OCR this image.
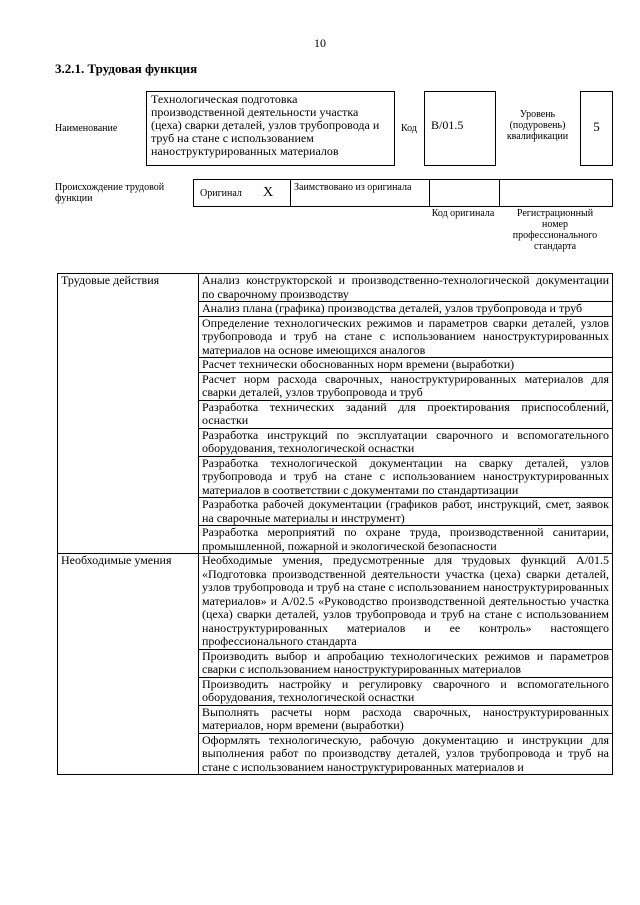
10
3.2.1. Трудовая функция
Наименование
Технологическая подготовка производственной деятельности участка (цеха) сварки деталей, узлов трубопровода и труб на стане с использованием наноструктурированных материалов
Код	B/01.5
Уровень (подуровень) квалификации
5
Происхождение трудовой функции	Оригинал X Заимствовано из оригинала
Код оригинала	Регистрационный номер профессионального стандарта
Трудовые действия	Анализ конструкторской и производственно-технологической документации по сварочному производству
	Анализ плана (графика) производства деталей, узлов трубопровода и труб
	Определение технологических режимов и параметров сварки деталей, узлов трубопровода и труб на стане с использованием наноструктурированных материалов на основе имеющихся аналогов
	Расчет технически обоснованных норм времени (выработки)
	Расчет норм расхода сварочных, наноструктурированных материалов для сварки деталей, узлов трубопровода и труб
	Разработка технических заданий для проектирования приспособлений, оснастки
	Разработка инструкций по эксплуатации сварочного и вспомогательного оборудования, технологической оснастки
	Разработка технологической документации на сварку деталей, узлов трубопровода и труб на стане с использованием наноструктурированных материалов в соответствии с документами по стандартизации
	Разработка рабочей документации (графиков работ, инструкций, смет, заявок на сварочные материалы и инструмент)
	Разработка мероприятий по охране труда, производственной санитарии, промышленной, пожарной и экологической безопасности
Необходимые умения	Необходимые умения, предусмотренные для трудовых функций A/01.5 «Подготовка производственной деятельности участка (цеха) сварки деталей, узлов трубопровода и труб на стане с использованием наноструктурированных материалов» и A/02.5 «Руководство производственной деятельностью участка (цеха) сварки деталей, узлов трубопровода и труб на стане с использованием наноструктурированных материалов и ее контроль» настоящего профессионального стандарта
	Производить выбор и апробацию технологических режимов и параметров сварки с использованием наноструктурированных материалов
	Производить настройку и регулировку сварочного и вспомогательного оборудования, технологической оснастки
	Выполнять расчеты норм расхода сварочных, наноструктурированных материалов, норм времени (выработки)
	Оформлять технологическую, рабочую документацию и инструкции для выполнения работ по производству деталей, узлов трубопровода и труб на стане с использованием наноструктурированных материалов и
